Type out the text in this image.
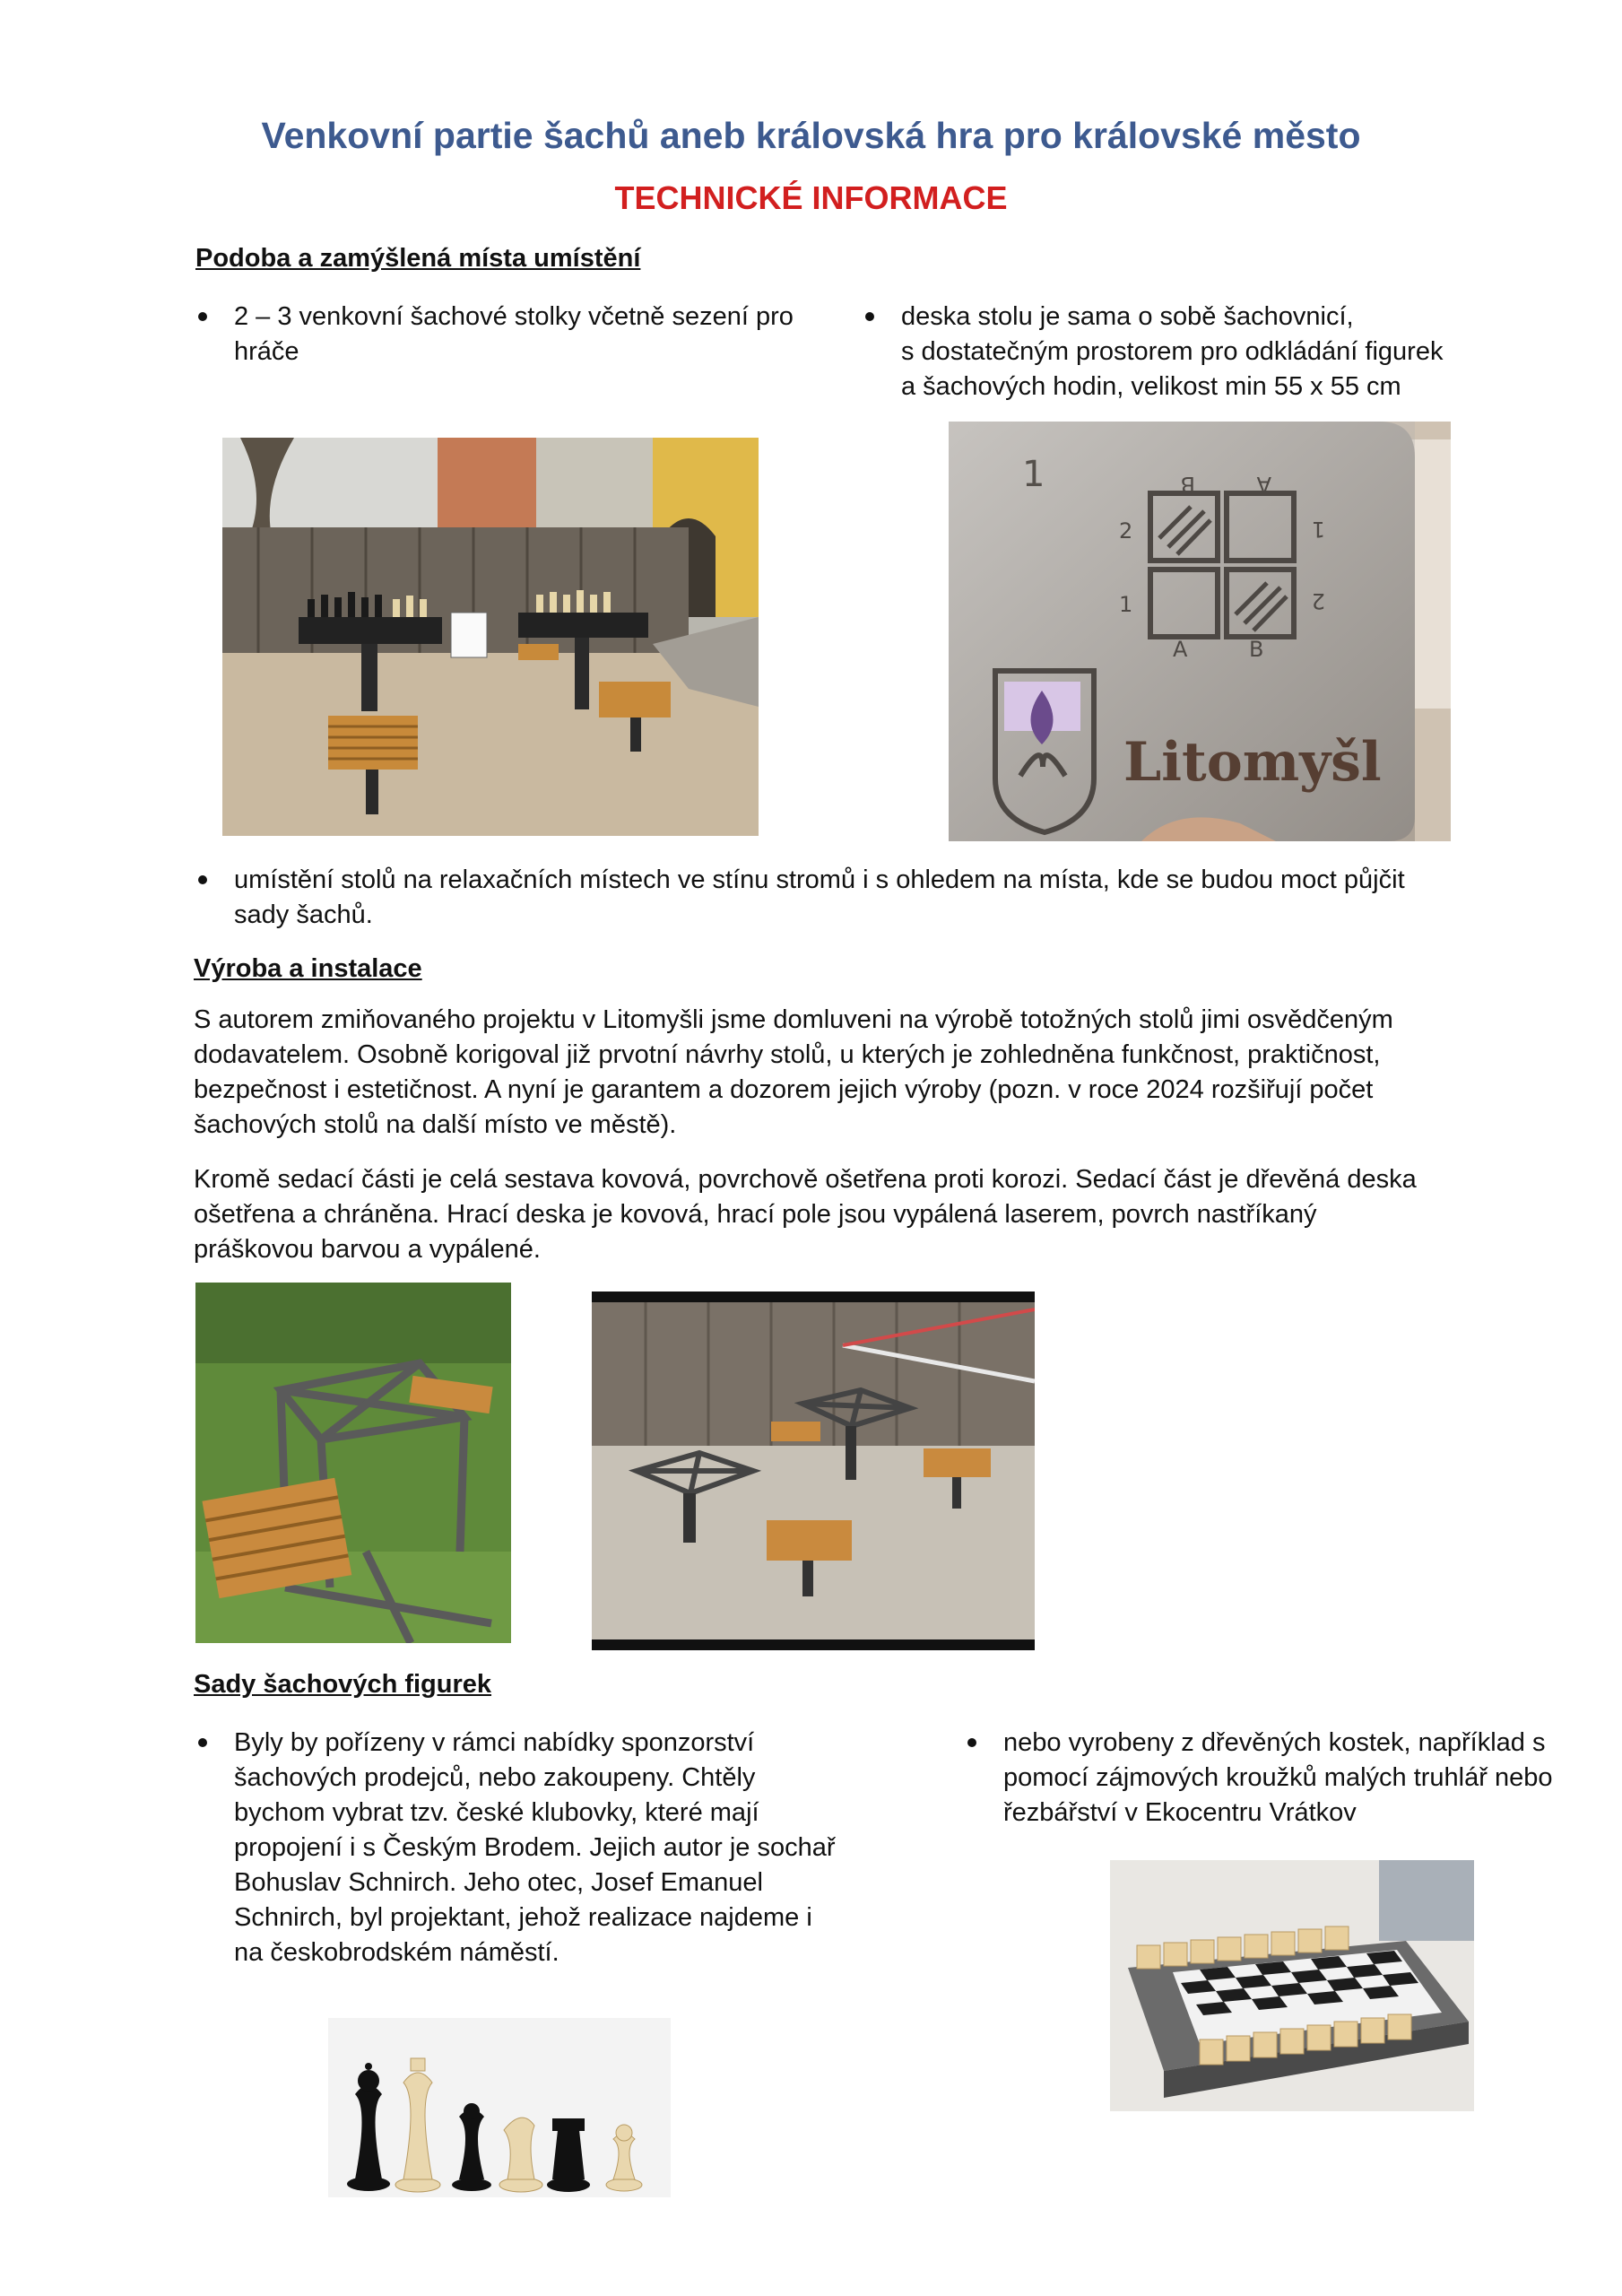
Venkovní partie šachů aneb královská hra pro královské město
TECHNICKÉ INFORMACE
Podoba a zamýšlená místa umístění
2 – 3 venkovní šachové stolky včetně sezení pro hráče
deska stolu je sama o sobě šachovnicí,
s dostatečným prostorem pro odkládání figurek
a šachových hodin, velikost min 55 x 55 cm
1
A	B
1
2
B	A
1
2
Litomyšl
umístění stolů na relaxačních místech ve stínu stromů i s ohledem na místa, kde se budou moct půjčit sady šachů.
Výroba a instalace

S autorem zmiňovaného projektu v Litomyšli jsme domluveni na výrobě totožných stolů jimi osvědčeným dodavatelem. Osobně korigoval již prvotní návrhy stolů, u kterých je zohledněna funkčnost, praktičnost, bezpečnost i estetičnost. A nyní je garantem a dozorem jejich výroby (pozn. v roce 2024 rozšiřují počet šachových stolů na další místo ve městě).

Kromě sedací části je celá sestava kovová, povrchově ošetřena proti korozi. Sedací část je dřevěná deska ošetřena a chráněna. Hrací deska je kovová, hrací pole jsou vypálená laserem, povrch nastříkaný práškovou barvou a vypálené.

Sady šachových figurek
Byly by pořízeny v rámci nabídky sponzorství šachových prodejců, nebo zakoupeny. Chtěly bychom vybrat tzv. české klubovky, které mají propojení i s Českým Brodem. Jejich autor je sochař Bohuslav Schnirch. Jeho otec, Josef Emanuel Schnirch, byl projektant, jehož realizace najdeme i na českobrodském náměstí.
nebo vyrobeny z dřevěných kostek, například s pomocí zájmových kroužků malých truhlář nebo řezbářství v Ekocentru Vrátkov
